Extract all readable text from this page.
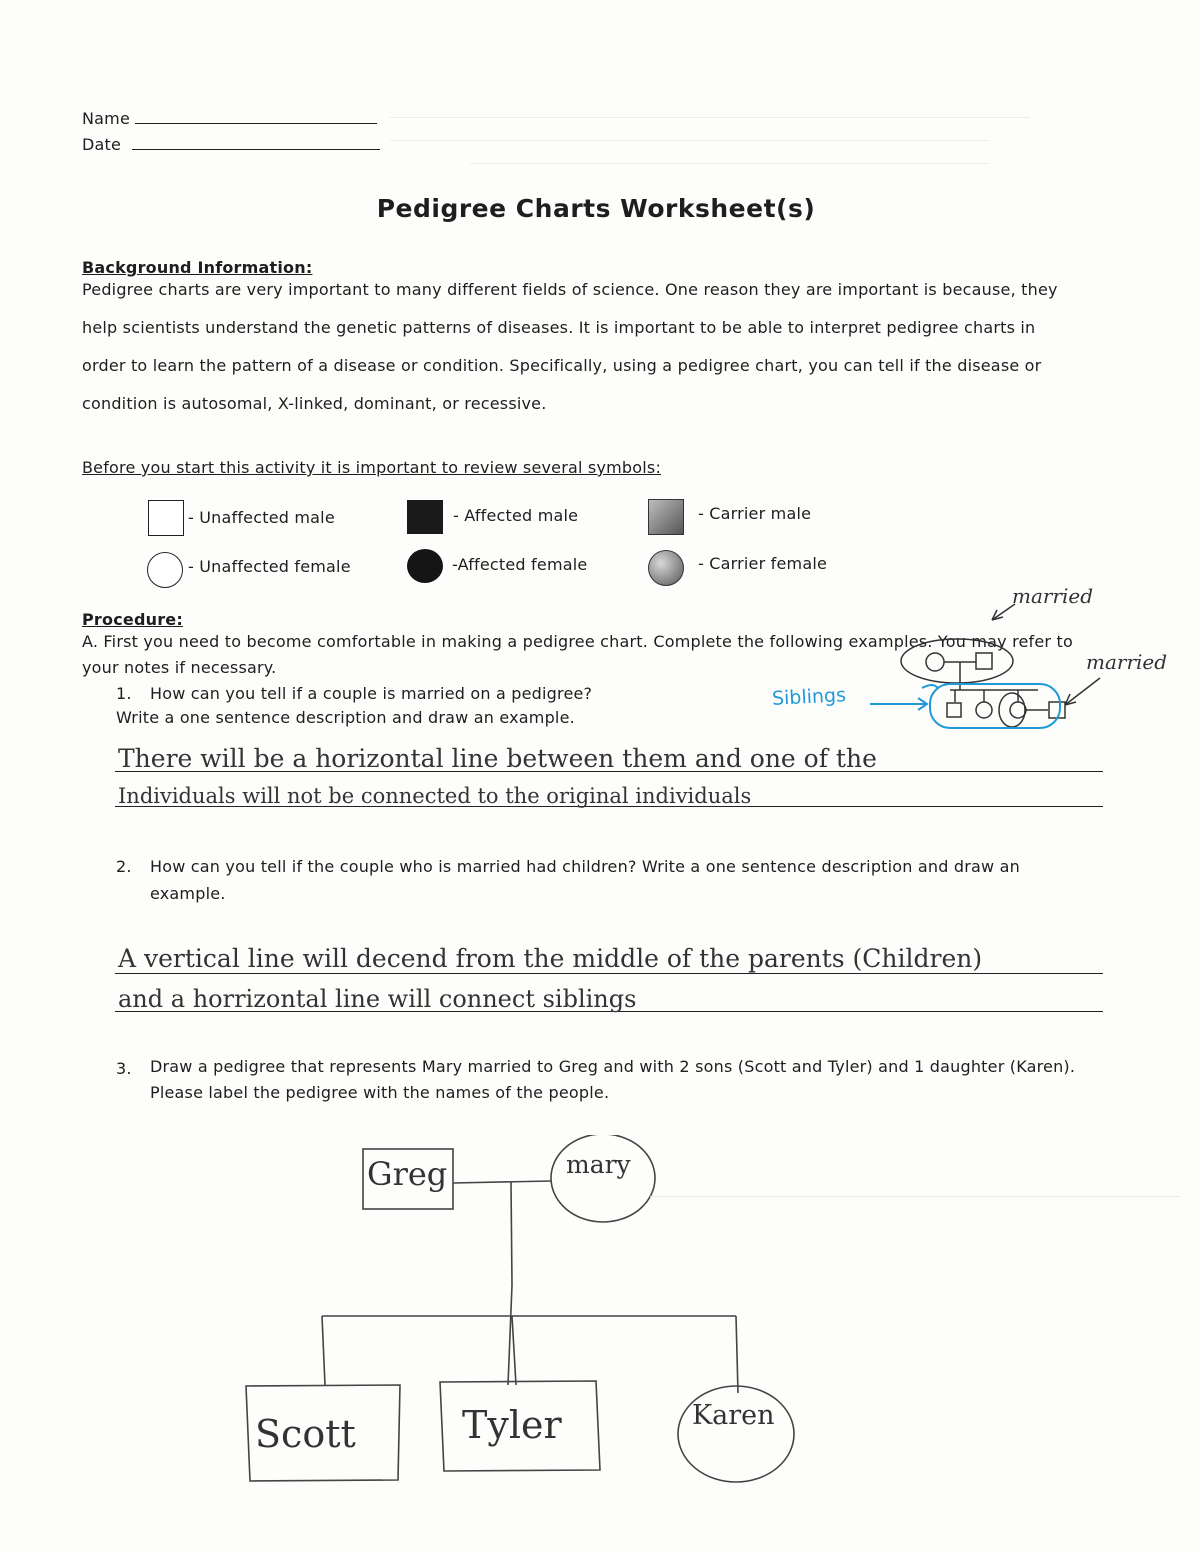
Name
Date
Pedigree Charts Worksheet(s)
Background Information:
Pedigree charts are very important to many different fields of science. One reason they are important is because, they
help scientists understand the genetic patterns of diseases. It is important to be able to interpret pedigree charts in
order to learn the pattern of a disease or condition. Specifically, using a pedigree chart, you can tell if the disease or
condition is autosomal, X-linked, dominant, or recessive.
Before you start this activity it is important to review several symbols:
- Unaffected male	- Affected male	- Carrier male
- Unaffected female	-Affected female	- Carrier female
Procedure:
A. First you need to become comfortable in making a pedigree chart. Complete the following examples. You may refer to
your notes if necessary.
1. How can you tell if a couple is married on a pedigree?
Write a one sentence description and draw an example.
There will be a horizontal line between them and one of the
Individuals will not be connected to the original individuals
2. How can you tell if the couple who is married had children? Write a one sentence description and draw an
example.
A vertical line will decend from the middle of the parents (Children)
and a horrizontal line will connect siblings
3. Draw a pedigree that represents Mary married to Greg and with 2 sons (Scott and Tyler) and 1 daughter (Karen).
Please label the pedigree with the names of the people.
married
married
Siblings
Greg	mary
Scott	Tyler	Karen
